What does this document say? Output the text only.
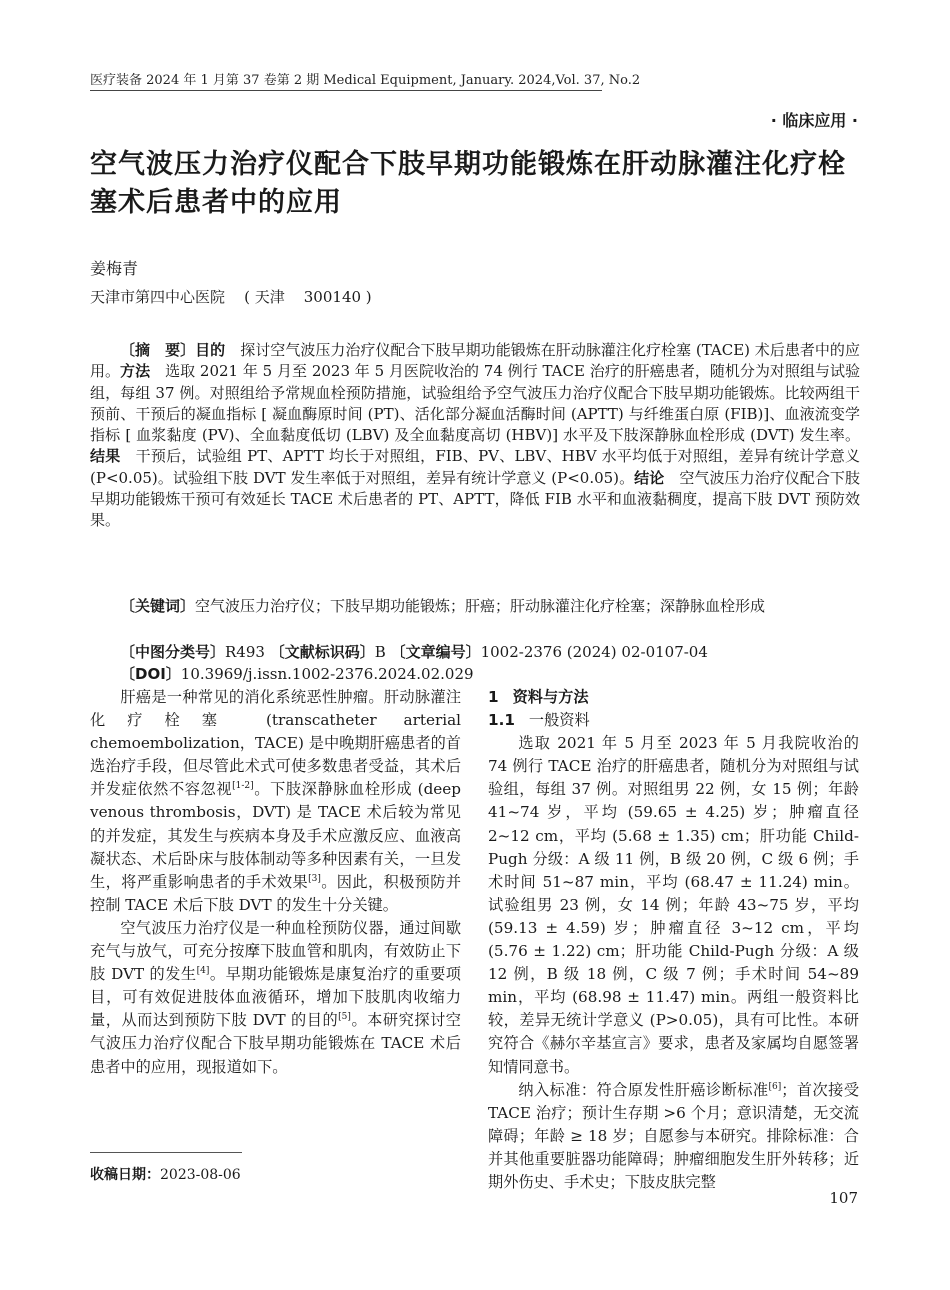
医疗装备 2024 年 1 月第 37 卷第 2 期 Medical Equipment, January. 2024,Vol. 37, No.2
· 临床应用 ·
空气波压力治疗仪配合下肢早期功能锻炼在肝动脉灌注化疗栓塞术后患者中的应用
姜梅青
天津市第四中心医院    ( 天津    300140 )
〔摘　要〕目的　探讨空气波压力治疗仪配合下肢早期功能锻炼在肝动脉灌注化疗栓塞 (TACE) 术后患者中的应用。方法　选取 2021 年 5 月至 2023 年 5 月医院收治的 74 例行 TACE 治疗的肝癌患者，随机分为对照组与试验组，每组 37 例。对照组给予常规血栓预防措施，试验组给予空气波压力治疗仪配合下肢早期功能锻炼。比较两组干预前、干预后的凝血指标 [ 凝血酶原时间 (PT)、活化部分凝血活酶时间 (APTT) 与纤维蛋白原 (FIB)]、血液流变学指标 [ 血浆黏度 (PV)、全血黏度低切 (LBV) 及全血黏度高切 (HBV)] 水平及下肢深静脉血栓形成 (DVT) 发生率。结果　干预后，试验组 PT、APTT 均长于对照组，FIB、PV、LBV、HBV 水平均低于对照组，差异有统计学意义 (P<0.05)。试验组下肢 DVT 发生率低于对照组，差异有统计学意义 (P<0.05)。结论　空气波压力治疗仪配合下肢早期功能锻炼干预可有效延长 TACE 术后患者的 PT、APTT，降低 FIB 水平和血液黏稠度，提高下肢 DVT 预防效果。
〔关键词〕空气波压力治疗仪；下肢早期功能锻炼；肝癌；肝动脉灌注化疗栓塞；深静脉血栓形成
〔中图分类号〕R493 〔文献标识码〕B 〔文章编号〕1002-2376 (2024) 02-0107-04
〔DOI〕10.3969/j.issn.1002-2376.2024.02.029

肝癌是一种常见的消化系统恶性肿瘤。肝动脉灌注化疗栓塞 (transcatheter arterial chemoembolization，TACE) 是中晚期肝癌患者的首选治疗手段，但尽管此术式可使多数患者受益，其术后并发症依然不容忽视[1-2]。下肢深静脉血栓形成 (deep venous thrombosis，DVT) 是 TACE 术后较为常见的并发症，其发生与疾病本身及手术应激反应、血液高凝状态、术后卧床与肢体制动等多种因素有关，一旦发生，将严重影响患者的手术效果[3]。因此，积极预防并控制 TACE 术后下肢 DVT 的发生十分关键。

空气波压力治疗仪是一种血栓预防仪器，通过间歇充气与放气，可充分按摩下肢血管和肌肉，有效防止下肢 DVT 的发生[4]。早期功能锻炼是康复治疗的重要项目，可有效促进肢体血液循环，增加下肢肌肉收缩力量，从而达到预防下肢 DVT 的目的[5]。本研究探讨空气波压力治疗仪配合下肢早期功能锻炼在 TACE 术后患者中的应用，现报道如下。

收稿日期：2023-08-06
1 资料与方法
1.1 一般资料

选取 2021 年 5 月至 2023 年 5 月我院收治的 74 例行 TACE 治疗的肝癌患者，随机分为对照组与试验组，每组 37 例。对照组男 22 例，女 15 例；年龄 41~74 岁，平均 (59.65 ± 4.25) 岁；肿瘤直径 2~12 cm，平均 (5.68 ± 1.35) cm；肝功能 Child-Pugh 分级：A 级 11 例，B 级 20 例，C 级 6 例；手术时间 51~87 min，平均 (68.47 ± 11.24) min。试验组男 23 例，女 14 例；年龄 43~75 岁，平均 (59.13 ± 4.59) 岁；肿瘤直径 3~12 cm，平均 (5.76 ± 1.22) cm；肝功能 Child-Pugh 分级：A 级 12 例，B 级 18 例，C 级 7 例；手术时间 54~89 min，平均 (68.98 ± 11.47) min。两组一般资料比较，差异无统计学意义 (P>0.05)，具有可比性。本研究符合《赫尔辛基宣言》要求，患者及家属均自愿签署知情同意书。

纳入标准：符合原发性肝癌诊断标准[6]；首次接受 TACE 治疗；预计生存期 >6 个月；意识清楚，无交流障碍；年龄 ≥ 18 岁；自愿参与本研究。排除标准：合并其他重要脏器功能障碍；肿瘤细胞发生肝外转移；近期外伤史、手术史；下肢皮肤完整

107
